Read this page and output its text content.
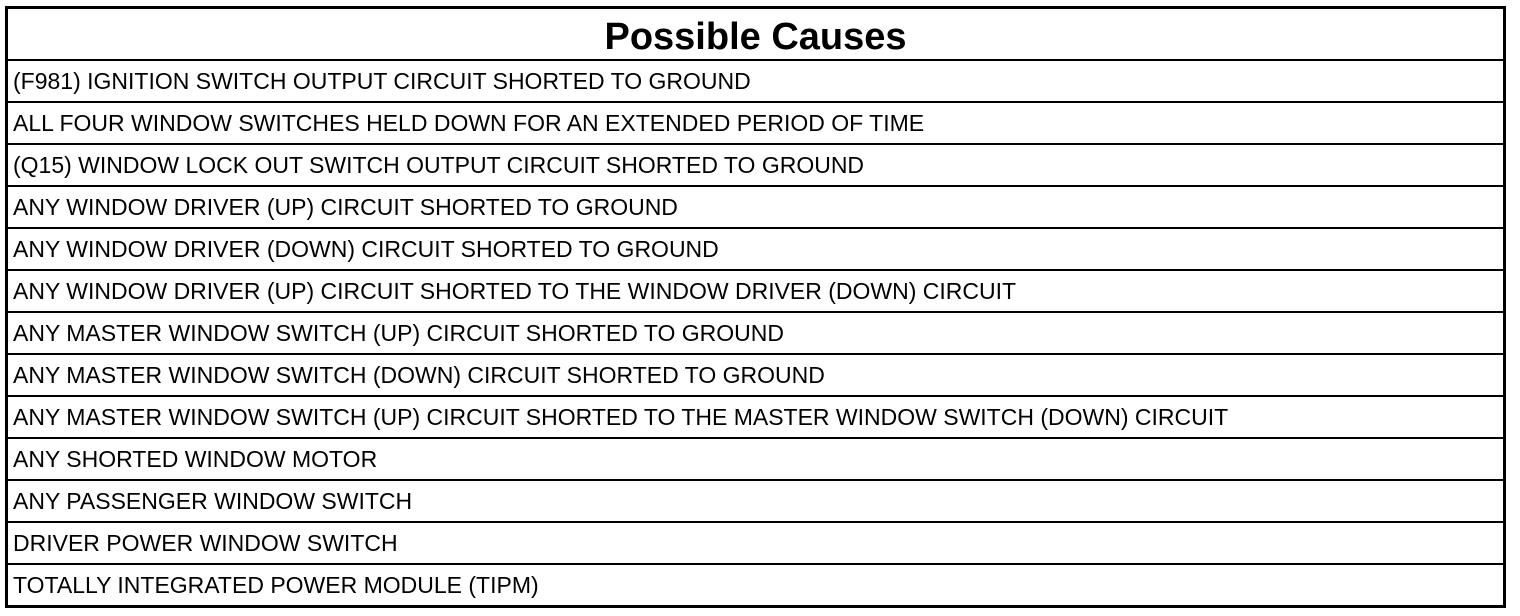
Possible Causes
(F981) IGNITION SWITCH OUTPUT CIRCUIT SHORTED TO GROUND
ALL FOUR WINDOW SWITCHES HELD DOWN FOR AN EXTENDED PERIOD OF TIME
(Q15) WINDOW LOCK OUT SWITCH OUTPUT CIRCUIT SHORTED TO GROUND
ANY WINDOW DRIVER (UP) CIRCUIT SHORTED TO GROUND
ANY WINDOW DRIVER (DOWN) CIRCUIT SHORTED TO GROUND
ANY WINDOW DRIVER (UP) CIRCUIT SHORTED TO THE WINDOW DRIVER (DOWN) CIRCUIT
ANY MASTER WINDOW SWITCH (UP) CIRCUIT SHORTED TO GROUND
ANY MASTER WINDOW SWITCH (DOWN) CIRCUIT SHORTED TO GROUND
ANY MASTER WINDOW SWITCH (UP) CIRCUIT SHORTED TO THE MASTER WINDOW SWITCH (DOWN) CIRCUIT
ANY SHORTED WINDOW MOTOR
ANY PASSENGER WINDOW SWITCH
DRIVER POWER WINDOW SWITCH
TOTALLY INTEGRATED POWER MODULE (TIPM)
